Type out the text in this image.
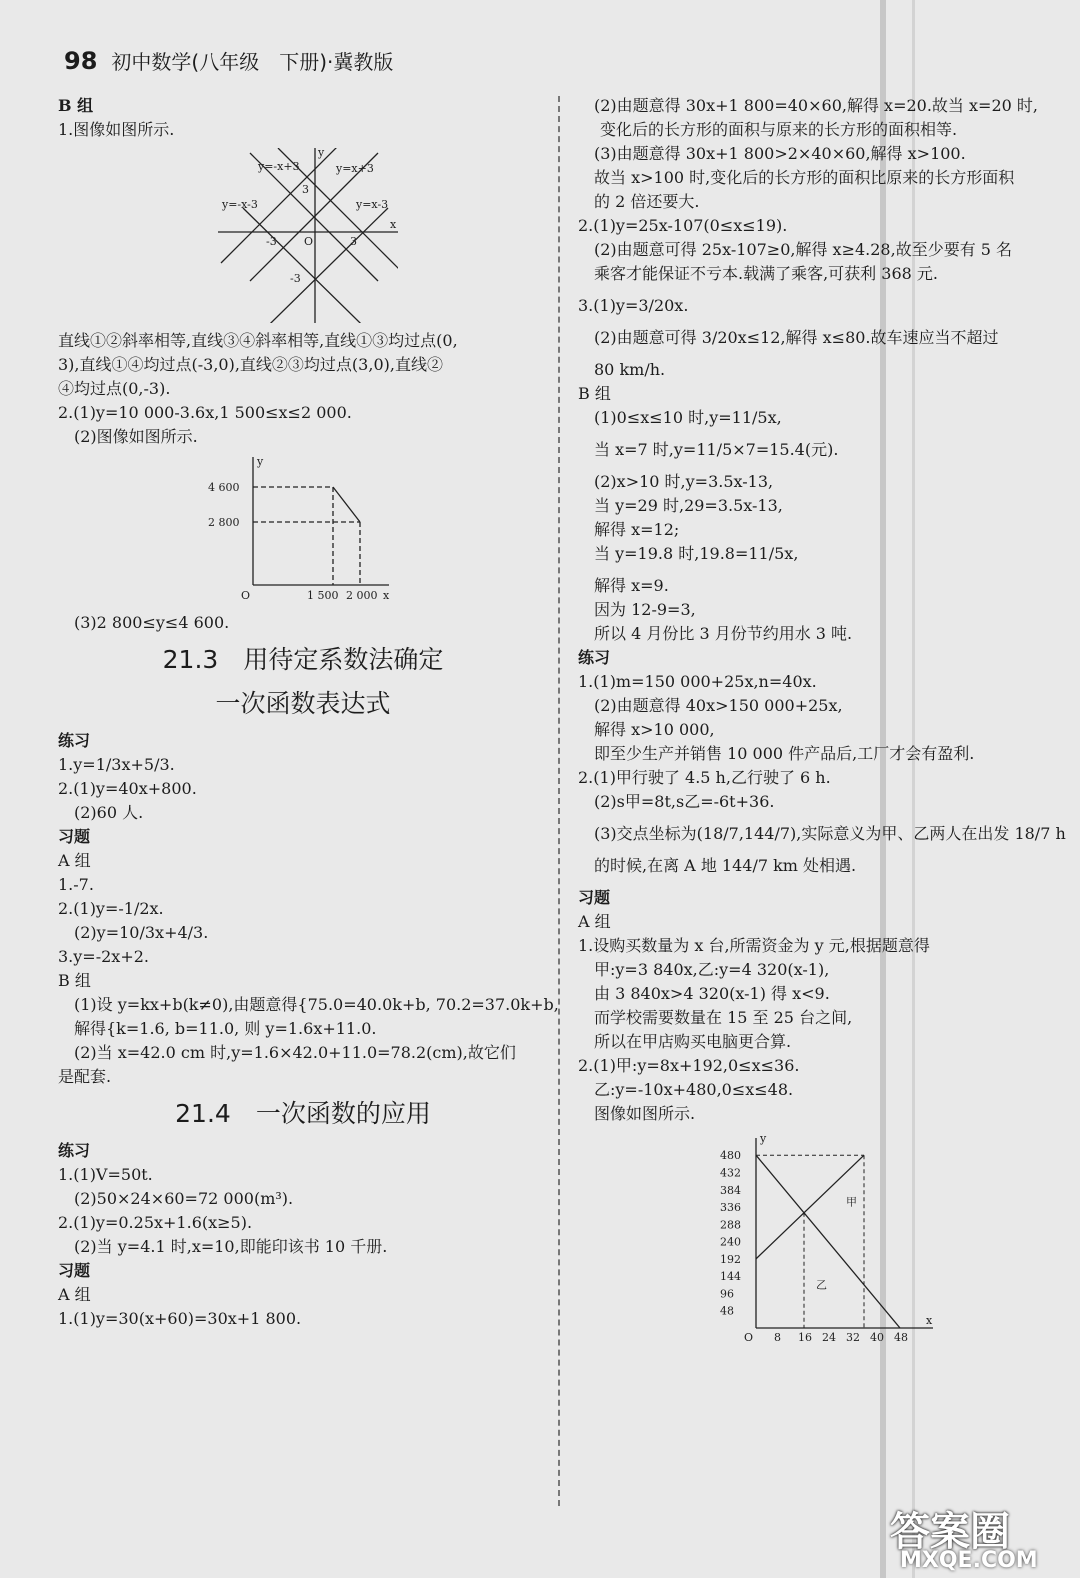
98 初中数学(八年级　下册)·冀教版
B 组
1.图像如图所示.
y=-x+3	y=x+3
y=-x-3	y=x-3
y
x
O
3
-3
-3	3
直线①②斜率相等,直线③④斜率相等,直线①③均过点(0,
3),直线①④均过点(-3,0),直线②③均过点(3,0),直线②
④均过点(0,-3).
2.(1)y=10 000-3.6x,1 500≤x≤2 000.
(2)图像如图所示.
4 600
2 800
1 500 2 000
O
y
x
(3)2 800≤y≤4 600.
21.3　用待定系数法确定
一次函数表达式
练习
1.y=1/3x+5/3.
2.(1)y=40x+800.
(2)60 人.
习题
A 组
1.-7.
2.(1)y=-1/2x.
(2)y=10/3x+4/3.
3.y=-2x+2.
B 组
(1)设 y=kx+b(k≠0),由题意得{75.0=40.0k+b, 70.2=37.0k+b,
解得{k=1.6, b=11.0, 则 y=1.6x+11.0.
(2)当 x=42.0 cm 时,y=1.6×42.0+11.0=78.2(cm),故它们
是配套.
21.4　一次函数的应用
练习
1.(1)V=50t.
(2)50×24×60=72 000(m³).
2.(1)y=0.25x+1.6(x≥5).
(2)当 y=4.1 时,x=10,即能印该书 10 千册.
习题
A 组
1.(1)y=30(x+60)=30x+1 800.
(2)由题意得 30x+1 800=40×60,解得 x=20.故当 x=20 时,
变化后的长方形的面积与原来的长方形的面积相等.
(3)由题意得 30x+1 800>2×40×60,解得 x>100.
故当 x>100 时,变化后的长方形的面积比原来的长方形面积
的 2 倍还要大.
2.(1)y=25x-107(0≤x≤19).
(2)由题意可得 25x-107≥0,解得 x≥4.28,故至少要有 5 名
乘客才能保证不亏本.载满了乘客,可获利 368 元.
3.(1)y=3/20x.
(2)由题意可得 3/20x≤12,解得 x≤80.故车速应当不超过
80 km/h.
B 组
(1)0≤x≤10 时,y=11/5x,
当 x=7 时,y=11/5×7=15.4(元).
(2)x>10 时,y=3.5x-13,
当 y=29 时,29=3.5x-13,
解得 x=12;
当 y=19.8 时,19.8=11/5x,
解得 x=9.
因为 12-9=3,
所以 4 月份比 3 月份节约用水 3 吨.
练习
1.(1)m=150 000+25x,n=40x.
(2)由题意得 40x>150 000+25x,
解得 x>10 000,
即至少生产并销售 10 000 件产品后,工厂才会有盈利.
2.(1)甲行驶了 4.5 h,乙行驶了 6 h.
(2)s甲=8t,s乙=-6t+36.
(3)交点坐标为(18/7,144/7),实际意义为甲、乙两人在出发 18/7 h
的时候,在离 A 地 144/7 km 处相遇.
习题
A 组
1.设购买数量为 x 台,所需资金为 y 元,根据题意得
甲:y=3 840x,乙:y=4 320(x-1),
由 3 840x>4 320(x-1) 得 x<9.
而学校需要数量在 15 至 25 台之间,
所以在甲店购买电脑更合算.
2.(1)甲:y=8x+192,0≤x≤36.
乙:y=-10x+480,0≤x≤48.
图像如图所示.
480
432
384
336
288
240
192
144
96
48
8 16 24 32 40 48
O
y
x
甲
乙
答案圈
MXQE.COM
